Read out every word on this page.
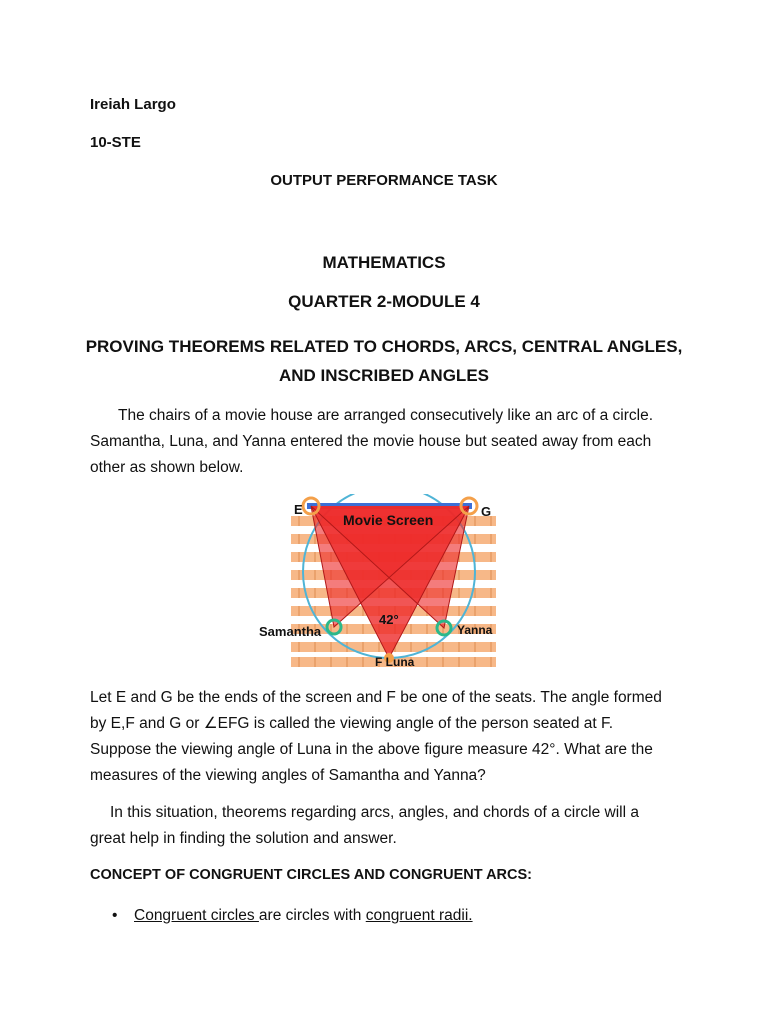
Ireiah Largo

10-STE

OUTPUT PERFORMANCE TASK

MATHEMATICS

QUARTER 2-MODULE 4

PROVING THEOREMS RELATED TO CHORDS, ARCS, CENTRAL ANGLES,

AND INSCRIBED ANGLES

The chairs of a movie house are arranged consecutively like an arc of a circle.
Samantha, Luna, and Yanna entered the movie house but seated away from each
other as shown below.
E	G
Movie Screen
42°
Yanna
F Luna
Samantha
Let E and G be the ends of the screen and F be one of the seats. The angle formed
by E,F and G or ∠EFG is called the viewing angle of the person seated at F.
Suppose the viewing angle of Luna in the above figure measure 42°. What are the
measures of the viewing angles of Samantha and Yanna?
In this situation, theorems regarding arcs, angles, and chords of a circle will a
great help in finding the solution and answer.

CONCEPT OF CONGRUENT CIRCLES AND CONGRUENT ARCS:

• Congruent circles are circles with congruent radii.
